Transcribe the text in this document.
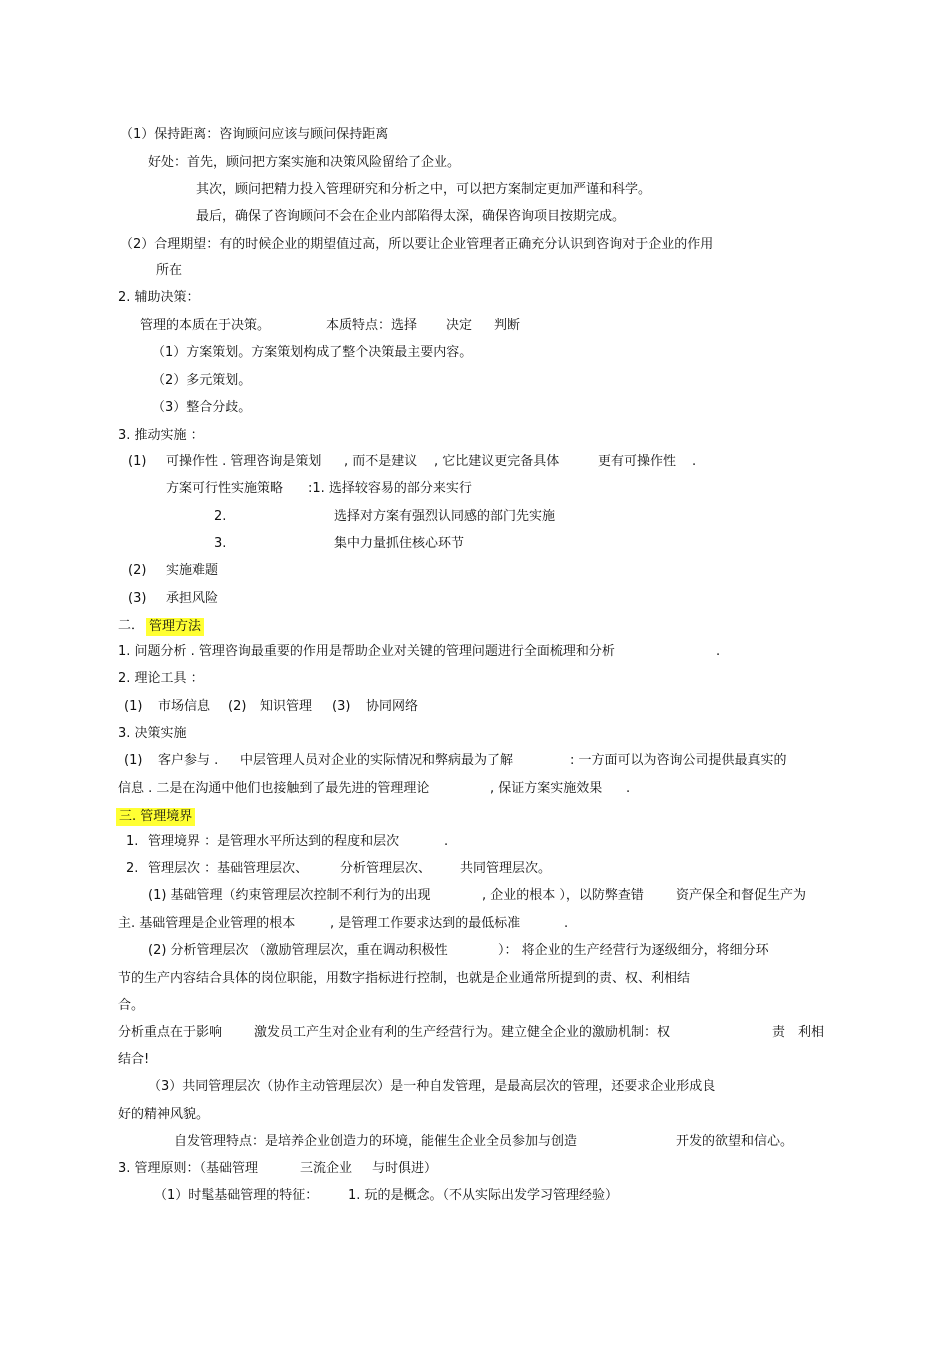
（1）保持距离：咨询顾问应该与顾问保持距离
好处：首先，顾问把方案实施和决策风险留给了企业。
其次，顾问把精力投入管理研究和分析之中，可以把方案制定更加严谨和科学。
最后，确保了咨询顾问不会在企业内部陷得太深，确保咨询项目按期完成。
（2）合理期望：有的时候企业的期望值过高，所以要让企业管理者正确充分认识到咨询对于企业的作用
所在
2. 辅助决策：
管理的本质在于决策。	本质特点：选择 决定 判断
（1）方案策划。方案策划构成了整个决策最主要内容。
（2）多元策划。
（3）整合分歧。
3. 推动实施 ：
(1) 可操作性 . 管理咨询是策划 , 而不是建议 , 它比建议更完备具体	更有可操作性 .
方案可行性实施策略 :1. 选择较容易的部分来实行
2.	选择对方案有强烈认同感的部门先实施
3.	集中力量抓住核心环节
(2) 实施难题
(3) 承担风险
二． 管理方法
1. 问题分析 . 管理咨询最重要的作用是帮助企业对关键的管理问题进行全面梳理和分析	.
2. 理论工具 ：
(1) 市场信息 (2) 知识管理 (3) 协同网络
3. 决策实施
(1) 客户参与 . 中层管理人员对企业的实际情况和弊病最为了解	: 一方面可以为咨询公司提供最真实的
信息 . 二是在沟通中他们也接触到了最先进的管理理论	, 保证方案实施效果 .
三. 管理境界
1. 管理境界 ：是管理水平所达到的程度和层次	.
2. 管理层次 ：基础管理层次、 分析管理层次、 共同管理层次。
(1) 基础管理（约束管理层次控制不利行为的出现	, 企业的根本 ），以防弊查错 资产保全和督促生产为
主. 基础管理是企业管理的根本	, 是管理工作要求达到的最低标准	.
(2) 分析管理层次 （激励管理层次，重在调动积极性	）： 将企业的生产经营行为逐级细分，将细分环
节的生产内容结合具体的岗位职能，用数字指标进行控制，也就是企业通常所提到的责、权、利相结
合。
分析重点在于影响 激发员工产生对企业有利的生产经营行为。建立健全企业的激励机制：权	责 利相
结合!
（3）共同管理层次（协作主动管理层次）是一种自发管理，是最高层次的管理，还要求企业形成良
好的精神风貌。
自发管理特点：是培养企业创造力的环境，能催生企业全员参加与创造	开发的欲望和信心。
3. 管理原则：（基础管理	三流企业 与时俱进）
（1）时髦基础管理的特征： 1. 玩的是概念。（不从实际出发学习管理经验）
